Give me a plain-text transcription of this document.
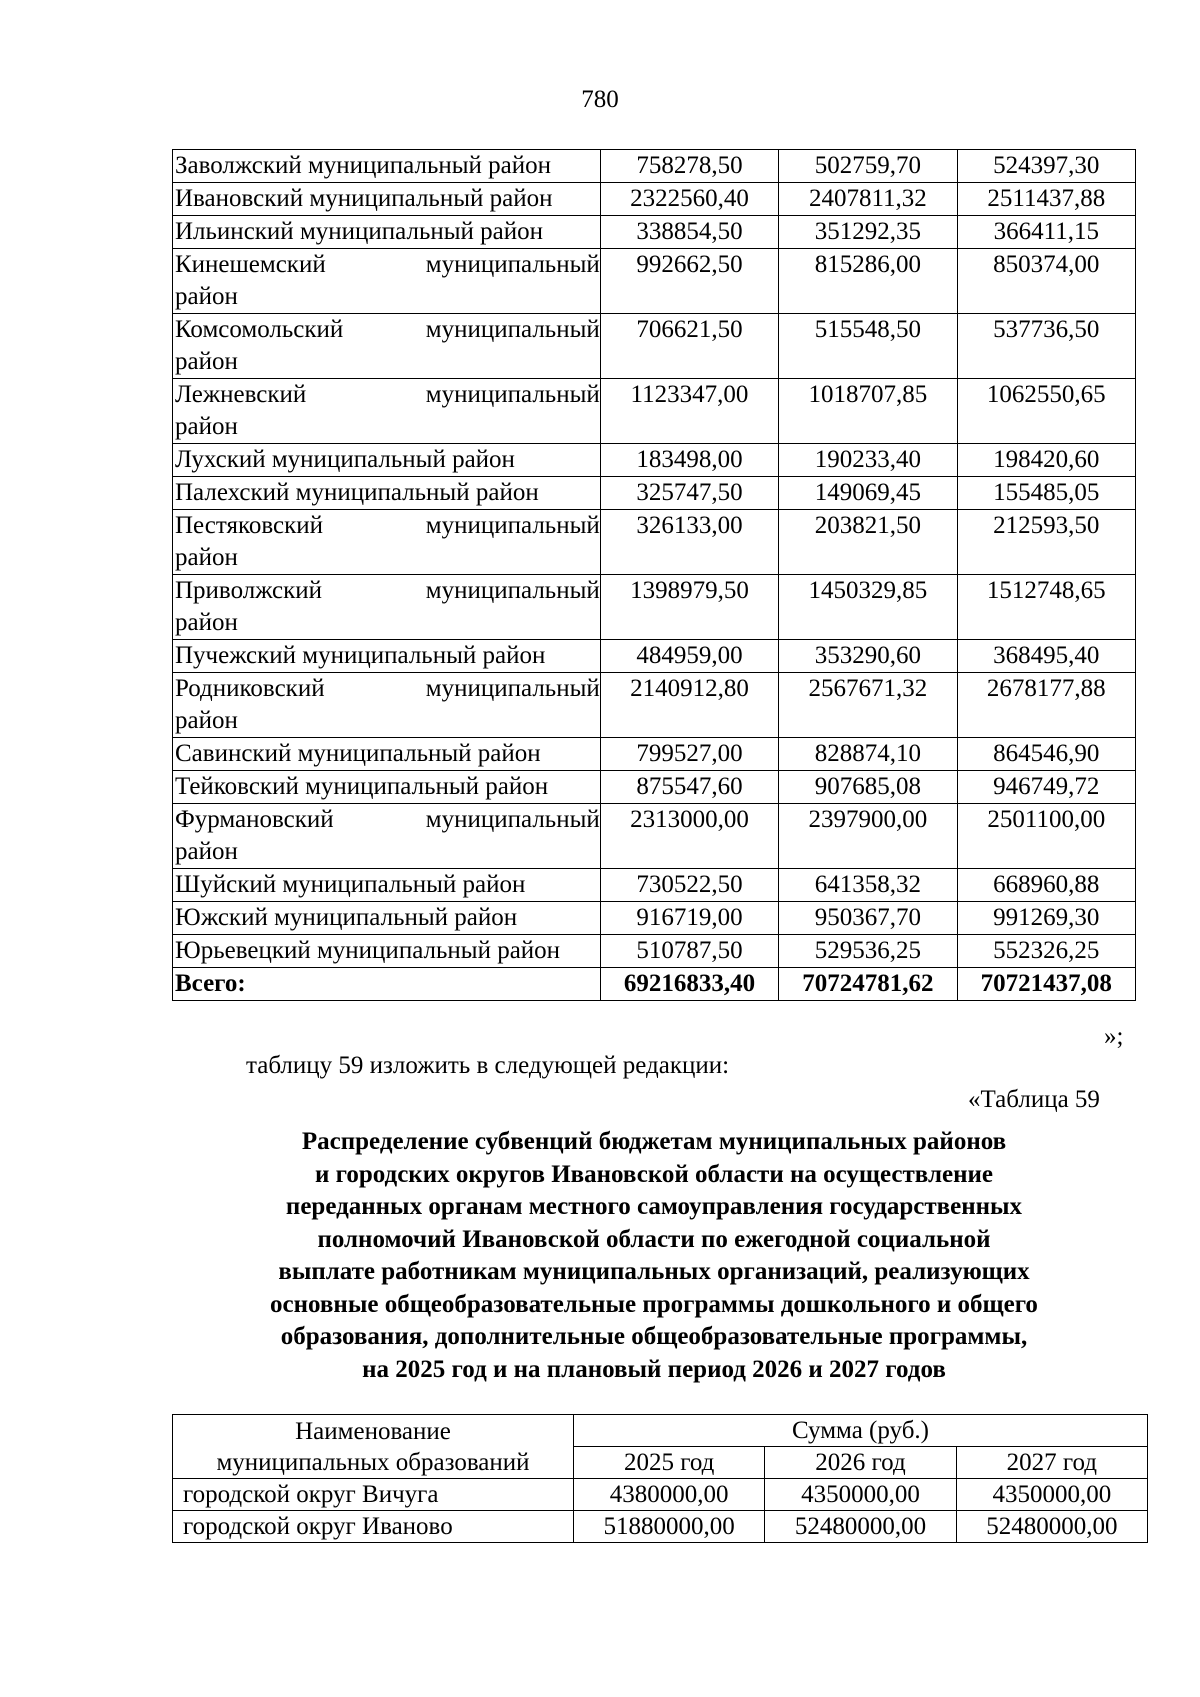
780
Заволжский муниципальный район	758278,50	502759,70	524397,30
Ивановский муниципальный район	2322560,40	2407811,32	2511437,88
Ильинский муниципальный район	338854,50	351292,35	366411,15

Кинешемский муниципальный
район	992662,50	815286,00	850374,00

Комсомольский муниципальный
район	706621,50	515548,50	537736,50

Лежневский муниципальный
район	1123347,00	1018707,85	1062550,65
Лухский муниципальный район	183498,00	190233,40	198420,60
Палехский муниципальный район	325747,50	149069,45	155485,05

Пестяковский муниципальный
район	326133,00	203821,50	212593,50

Приволжский муниципальный
район	1398979,50	1450329,85	1512748,65
Пучежский муниципальный район	484959,00	353290,60	368495,40

Родниковский муниципальный
район	2140912,80	2567671,32	2678177,88
Савинский муниципальный район	799527,00	828874,10	864546,90
Тейковский муниципальный район	875547,60	907685,08	946749,72

Фурмановский муниципальный
район	2313000,00	2397900,00	2501100,00
Шуйский муниципальный район	730522,50	641358,32	668960,88
Южский муниципальный район	916719,00	950367,70	991269,30
Юрьевецкий муниципальный район	510787,50	529536,25	552326,25
Всего:	69216833,40	70724781,62	70721437,08
»;
таблицу 59 изложить в следующей редакции:
«Таблица 59
Распределение субвенций бюджетам муниципальных районов
и городских округов Ивановской области на осуществление
переданных органам местного самоуправления государственных
полномочий Ивановской области по ежегодной социальной
выплате работникам муниципальных организаций, реализующих
основные общеобразовательные программы дошкольного и общего
образования, дополнительные общеобразовательные программы,
на 2025 год и на плановый период 2026 и 2027 годов
Наименование
муниципальных образований	Сумма (руб.)		
	2025 год	2026 год	2027 год
городской округ Вичуга	4380000,00	4350000,00	4350000,00
городской округ Иваново	51880000,00	52480000,00	52480000,00
